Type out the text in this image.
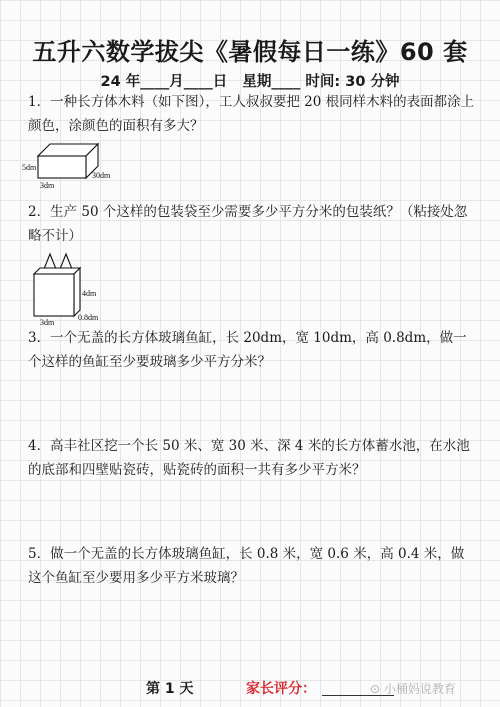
五升六数学拔尖《暑假每日一练》60 套
24 年____月____日   星期____ 时间: 30 分钟
1．一种长方体木料（如下图），工人叔叔要把 20 根同样木料的表面都涂上颜色，涂颜色的面积有多大？
5dm
3dm
30dm
2．生产 50 个这样的包装袋至少需要多少平方分米的包装纸？（粘接处忽略不计）
4dm
3dm
0.8dm
3．一个无盖的长方体玻璃鱼缸，长 20dm，宽 10dm，高 0.8dm，做一个这样的鱼缸至少要玻璃多少平方分米？
4．高丰社区挖一个长 50 米、宽 30 米、深 4 米的长方体蓄水池，在水池的底部和四壁贴瓷砖，贴瓷砖的面积一共有多少平方米？
5．做一个无盖的长方体玻璃鱼缸，长 0.8 米，宽 0.6 米，高 0.4 米，做这个鱼缸至少要用多少平方米玻璃？
第 1 天	家长评分：	⊙ 小桶妈说教育
